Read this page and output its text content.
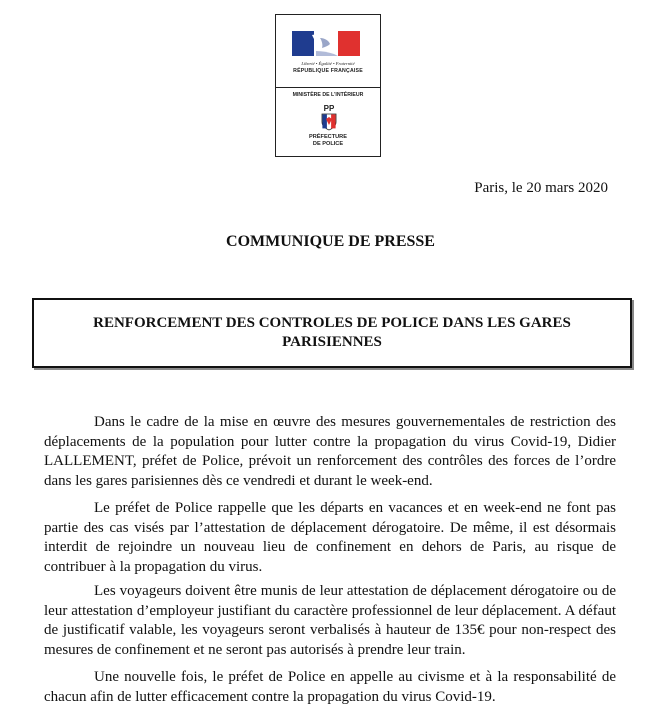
Liberté • Égalité • Fraternité
RÉPUBLIQUE FRANÇAISE
MINISTÈRE DE L'INTÉRIEUR
PP
PRÉFECTURE
DE POLICE
Paris, le 20 mars 2020
COMMUNIQUE DE PRESSE
RENFORCEMENT DES CONTROLES DE POLICE DANS LES GARES PARISIENNES

Dans le cadre de la mise en œuvre des mesures gouvernementales de restriction des déplacements de la population pour lutter contre la propagation du virus Covid-19, Didier LALLEMENT, préfet de Police, prévoit un renforcement des contrôles des forces de l’ordre dans les gares parisiennes dès ce vendredi et durant le week-end.

Le préfet de Police rappelle que les départs en vacances et en week-end ne font pas partie des cas visés par l’attestation de déplacement dérogatoire. De même, il est désormais interdit de rejoindre un nouveau lieu de confinement en dehors de Paris, au risque de contribuer à la propagation du virus.

Les voyageurs doivent être munis de leur attestation de déplacement dérogatoire ou de leur attestation d’employeur justifiant du caractère professionnel de leur déplacement. A défaut de justificatif valable, les voyageurs seront verbalisés à hauteur de 135€ pour non-respect des mesures de confinement et ne seront pas autorisés à prendre leur train.

Une nouvelle fois, le préfet de Police en appelle au civisme et à la responsabilité de chacun afin de lutter efficacement contre la propagation du virus Covid-19.
